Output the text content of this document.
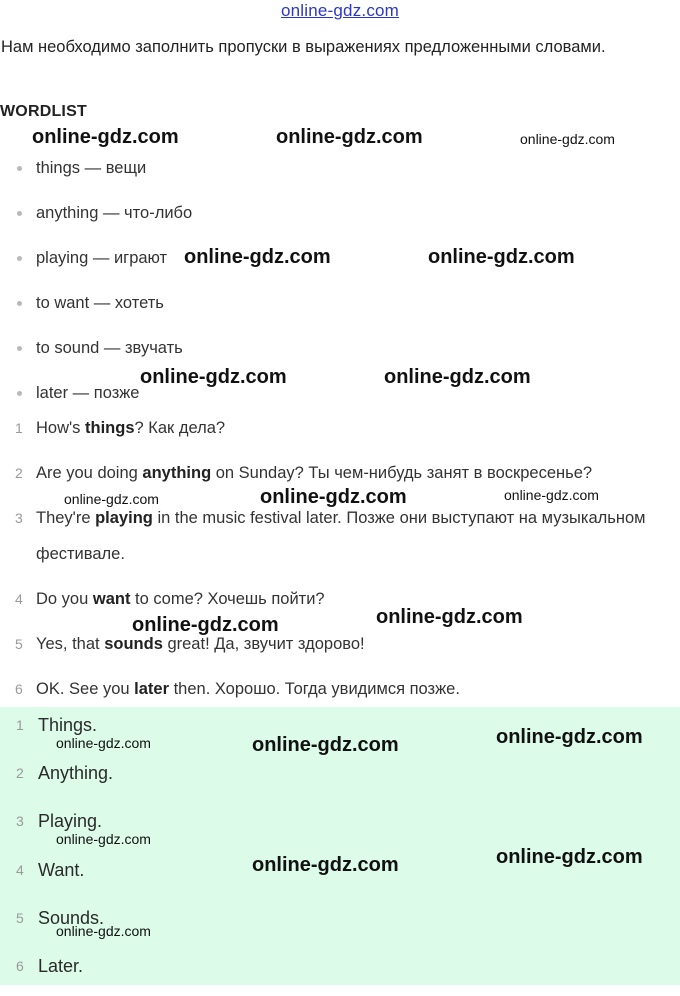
online-gdz.com
Нам необходимо заполнить пропуски в выражениях предложенными словами.
WORDLIST
things — вещи
anything — что-либо
playing — играют
to want — хотеть
to sound — звучать
later — позже
1 How's things? Как дела?
2 Are you doing anything on Sunday? Ты чем-нибудь занят в воскресенье?
3 They're playing in the music festival later. Позже они выступают на музыкальном фестивале.
4 Do you want to come? Хочешь пойти?
5 Yes, that sounds great! Да, звучит здорово!
6 OK. See you later then. Хорошо. Тогда увидимся позже.
1 Things.
2 Anything.
3 Playing.
4 Want.
5 Sounds.
6 Later.
online-gdz.com	online-gdz.com	online-gdz.com
online-gdz.com	online-gdz.com
online-gdz.com	online-gdz.com
online-gdz.com	online-gdz.com	online-gdz.com
online-gdz.com
online-gdz.com
online-gdz.com	online-gdz.com	online-gdz.com
online-gdz.com
online-gdz.com	online-gdz.com
online-gdz.com
